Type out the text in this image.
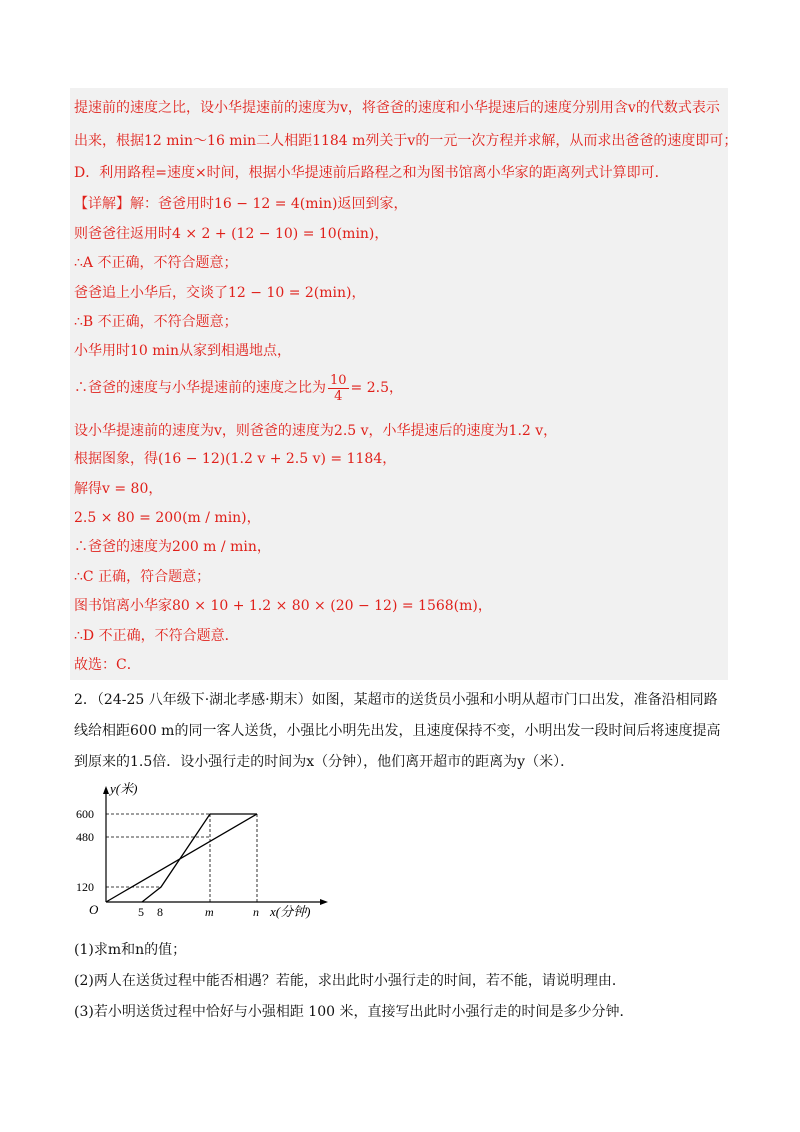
提速前的速度之比，设小华提速前的速度为v，将爸爸的速度和小华提速后的速度分别用含v的代数式表示
出来，根据12 min～16 min二人相距1184 m列关于v的一元一次方程并求解，从而求出爸爸的速度即可；
D．利用路程=速度×时间，根据小华提速前后路程之和为图书馆离小华家的距离列式计算即可．
【详解】解：爸爸用时16 − 12 = 4(min)返回到家，
则爸爸往返用时4 × 2 + (12 − 10) = 10(min)，
∴A 不正确，不符合题意；
爸爸追上小华后，交谈了12 − 10 = 2(min)，
∴B 不正确，不符合题意；
小华用时10 min从家到相遇地点，
∴爸爸的速度与小华提速前的速度之比为 $\frac{10}{4} = 2.5$，
设小华提速前的速度为v，则爸爸的速度为2.5 v，小华提速后的速度为1.2 v，
根据图象，得(16 − 12)(1.2 v + 2.5 v) = 1184，
解得v = 80，
2.5 × 80 = 200(m / min)，
∴爸爸的速度为200 m / min，
∴C 正确，符合题意；
图书馆离小华家80 × 10 + 1.2 × 80 × (20 − 12) = 1568(m)，
∴D 不正确，不符合题意．
故选：C．
2．（24-25 八年级下·湖北孝感·期末）如图，某超市的送货员小强和小明从超市门口出发，准备沿相同路
线给相距600 m的同一客人送货，小强比小明先出发，且速度保持不变，小明出发一段时间后将速度提高
到原来的1.5倍．设小强行走的时间为x（分钟），他们离开超市的距离为y（米）．
y(米)
x(分钟)
O
600
480
120
5 8	m	n
(1)求m和n的值；
(2)两人在送货过程中能否相遇？若能，求出此时小强行走的时间，若不能，请说明理由．
(3)若小明送货过程中恰好与小强相距 100 米，直接写出此时小强行走的时间是多少分钟．
